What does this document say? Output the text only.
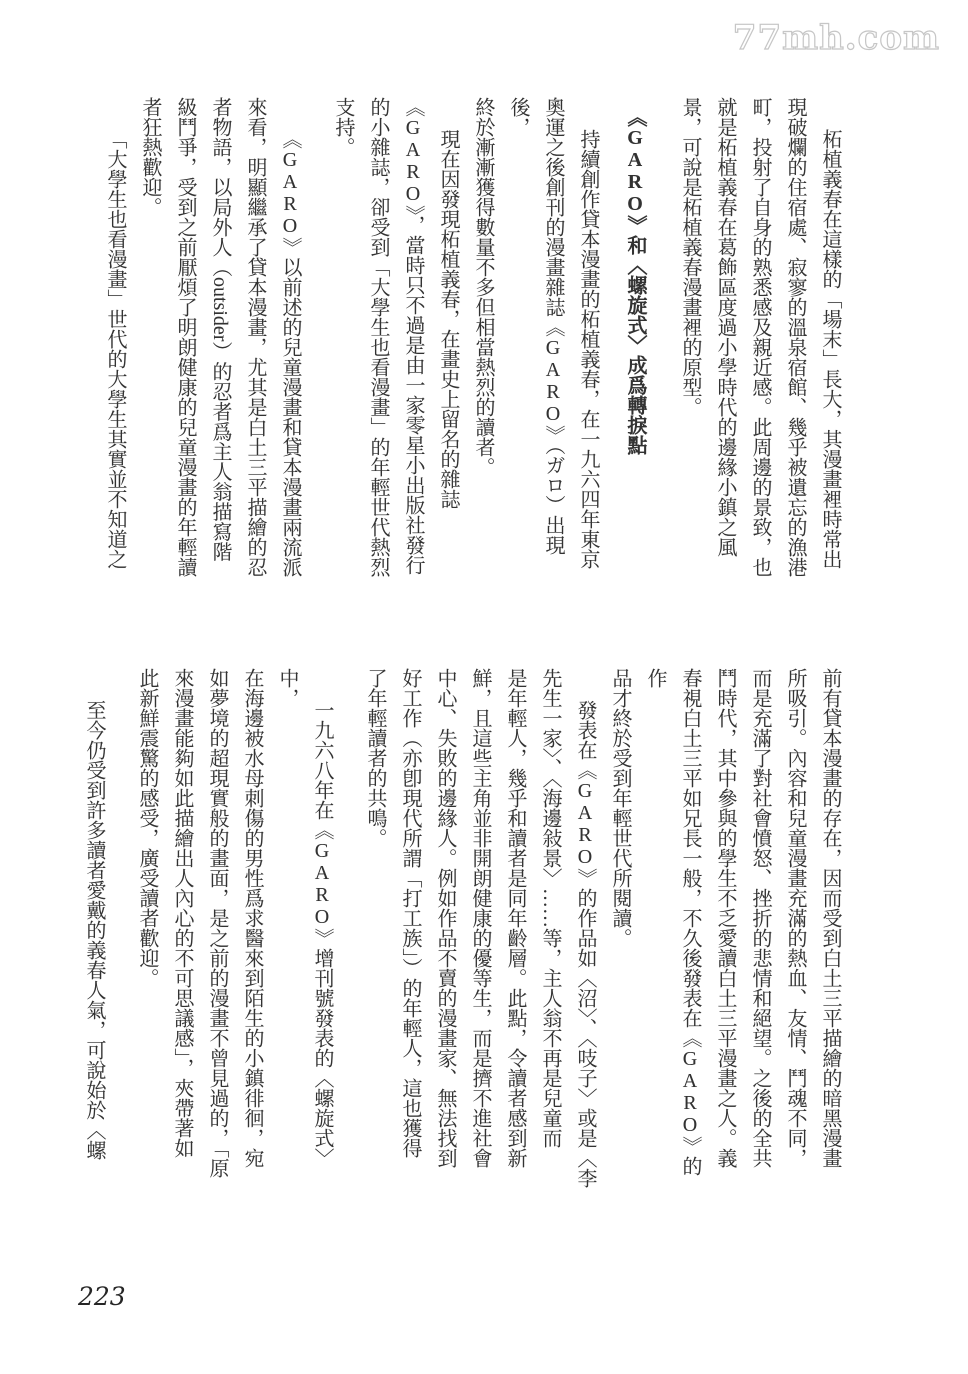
77mh.com
柘植義春在這樣的「場末」長大，其漫畫裡時常出
現破爛的住宿處、寂寥的溫泉宿館、幾乎被遺忘的漁港
町，投射了自身的熟悉感及親近感。此周邊的景致，也
就是柘植義春在葛飾區度過小學時代的邊緣小鎮之風
景，可說是柘植義春漫畫裡的原型。
《GARO》和〈螺旋式〉成爲轉捩點
持續創作貸本漫畫的柘植義春，在一九六四年東京
奧運之後創刊的漫畫雜誌《GARO》（ガロ）出現後，
終於漸漸獲得數量不多但相當熱烈的讀者。
現在因發現柘植義春，在畫史上留名的雜誌
《GARO》，當時只不過是由一家零星小出版社發行
的小雜誌，卻受到「大學生也看漫畫」的年輕世代熱烈
支持。
《GARO》以前述的兒童漫畫和貸本漫畫兩流派
來看，明顯繼承了貸本漫畫，尤其是白土三平描繪的忍
者物語，以局外人（outsider）的忍者爲主人翁描寫階
級鬥爭，受到之前厭煩了明朗健康的兒童漫畫的年輕讀
者狂熱歡迎。
「大學生也看漫畫」世代的大學生其實並不知道之
前有貸本漫畫的存在，因而受到白土三平描繪的暗黑漫畫
所吸引。內容和兒童漫畫充滿的熱血、友情、鬥魂不同，
而是充滿了對社會憤怒、挫折的悲情和絕望。之後的全共
鬥時代，其中參與的學生不乏愛讀白土三平漫畫之人。義
春視白土三平如兄長一般，不久後發表在《GARO》的作
品才終於受到年輕世代所閱讀。
發表在《GARO》的作品如〈沼〉、〈吱子〉或是〈李
先生一家〉、〈海邊敍景〉……等，主人翁不再是兒童而
是年輕人，幾乎和讀者是同年齡層。此點，令讀者感到新
鮮，且這些主角並非開朗健康的優等生，而是擠不進社會
中心、失敗的邊緣人。例如作品不賣的漫畫家、無法找到
好工作（亦卽現代所謂「打工族」）的年輕人，這也獲得
了年輕讀者的共鳴。
一九六八年在《GARO》增刊號發表的〈螺旋式〉中，
在海邊被水母刺傷的男性爲求醫來到陌生的小鎮徘徊，宛
如夢境的超現實般的畫面，是之前的漫畫不曾見過的，「原
來漫畫能夠如此描繪出人內心的不可思議感」，夾帶著如
此新鮮震驚的感受，廣受讀者歡迎。
至今仍受到許多讀者愛戴的義春人氣，可說始於〈螺
223
